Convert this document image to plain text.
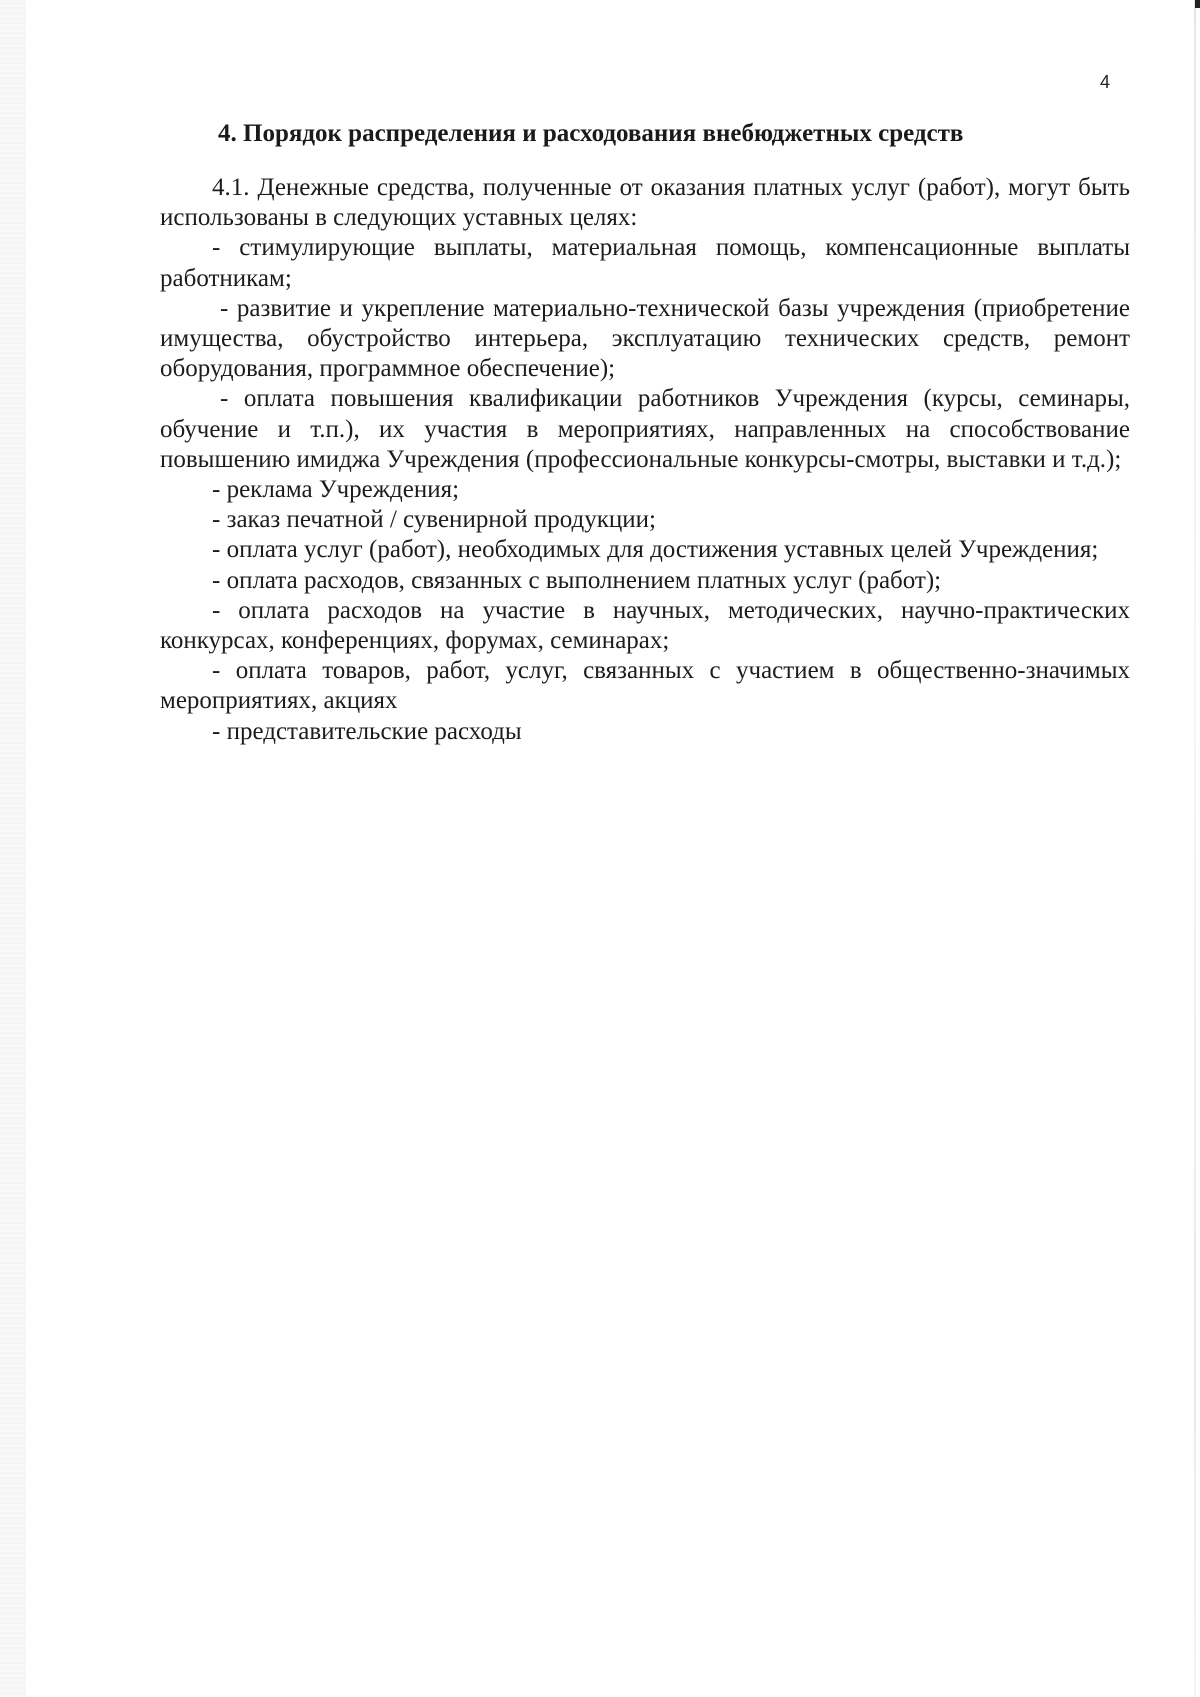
4
4. Порядок распределения и расходования внебюджетных средств

4.1. Денежные средства, полученные от оказания платных услуг (работ), могут быть использованы в следующих уставных целях:

- стимулирующие выплаты, материальная помощь, компенсационные выплаты работникам;

- развитие и укрепление материально-технической базы учреждения (приобретение имущества, обустройство интерьера, эксплуатацию технических средств, ремонт оборудования, программное обеспечение);

- оплата повышения квалификации работников Учреждения (курсы, семинары, обучение и т.п.), их участия в мероприятиях, направленных на способствование повышению имиджа Учреждения (профессиональные конкурсы-смотры, выставки и т.д.);

- реклама Учреждения;

- заказ печатной / сувенирной продукции;

- оплата услуг (работ), необходимых для достижения уставных целей Учреждения;

- оплата расходов, связанных с выполнением платных услуг (работ);

- оплата расходов на участие в научных, методических, научно-практических конкурсах, конференциях, форумах, семинарах;

- оплата товаров, работ, услуг, связанных с участием в общественно-значимых мероприятиях, акциях

- представительские расходы
